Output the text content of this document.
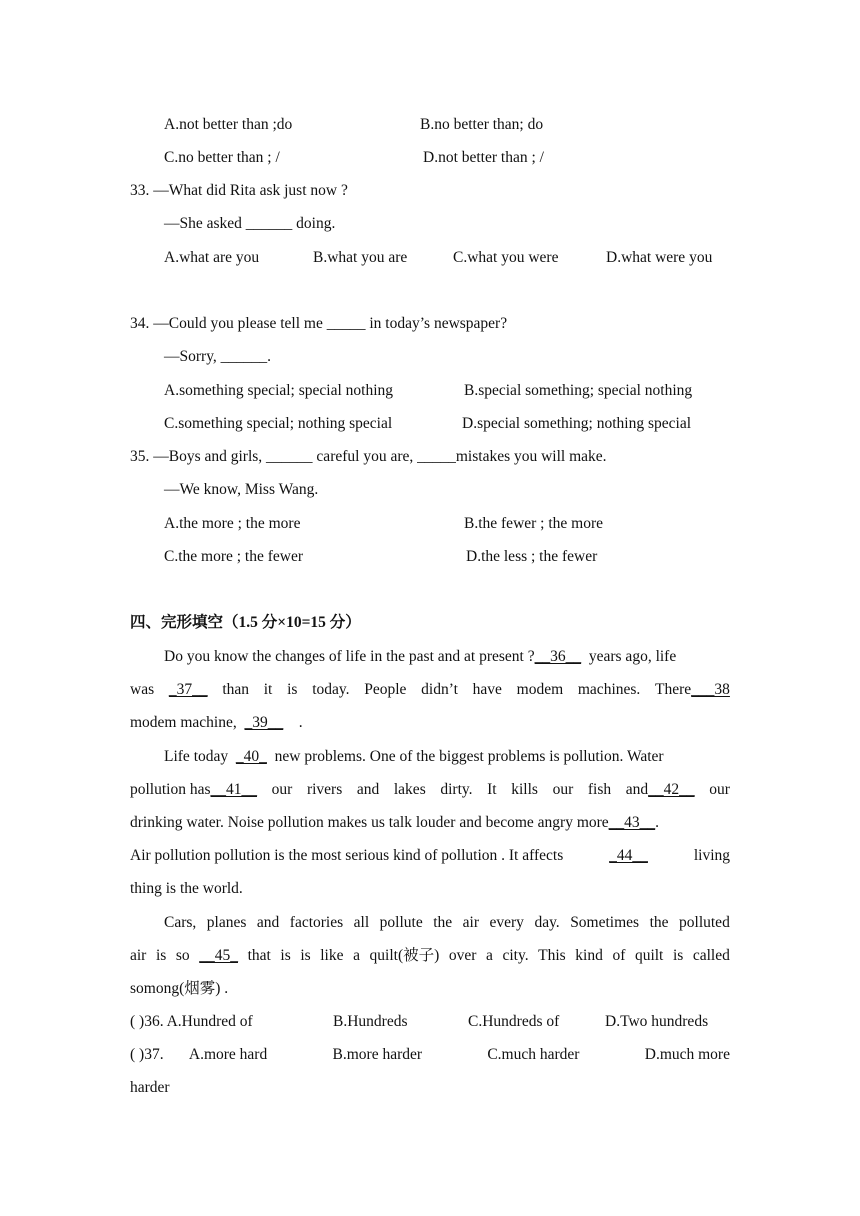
A.not better than ;do	B.no better than; do
C.no better than ; /	D.not better than ; /
33. —What did Rita ask just now ?
—She asked ______ doing.
A.what are you	B.what you are	C.what you were	D.what were you
34. —Could you please tell me _____ in today’s newspaper?
—Sorry, ______.
A.something special; special nothing	B.special something; special nothing
C.something special; nothing special	D.special something; nothing special
35. —Boys and girls, ______ careful you are, _____mistakes you will make.
—We know, Miss Wang.
A.the more ; the more	B.the fewer ; the more
C.the more ; the fewer	D.the less ; the fewer
四、完形填空（1.5 分×10=15 分）
Do you know the changes of life in the past and at present ?__36__ years ago, life
was _37__ than it is today. People didn’t have modem machines. There___38
modem machine, _39__ .
Life today _40_ new problems. One of the biggest problems is pollution. Water
pollution has__41__ our rivers and lakes dirty. It kills our fish and__42__ our
drinking water. Noise pollution makes us talk louder and become angry more__43__.
Air pollution pollution is the most serious kind of pollution . It affects	_44__	living
thing is the world.
Cars, planes and factories all pollute the air every day. Sometimes the polluted
air is so __45_ that is is like a quilt(被子) over a city. This kind of quilt is called
somong(烟雾) .
( )36. A.Hundred of	B.Hundreds	C.Hundreds of	D.Two hundreds
( )37. A.more hard	B.more harder	C.much harder	D.much more
harder
